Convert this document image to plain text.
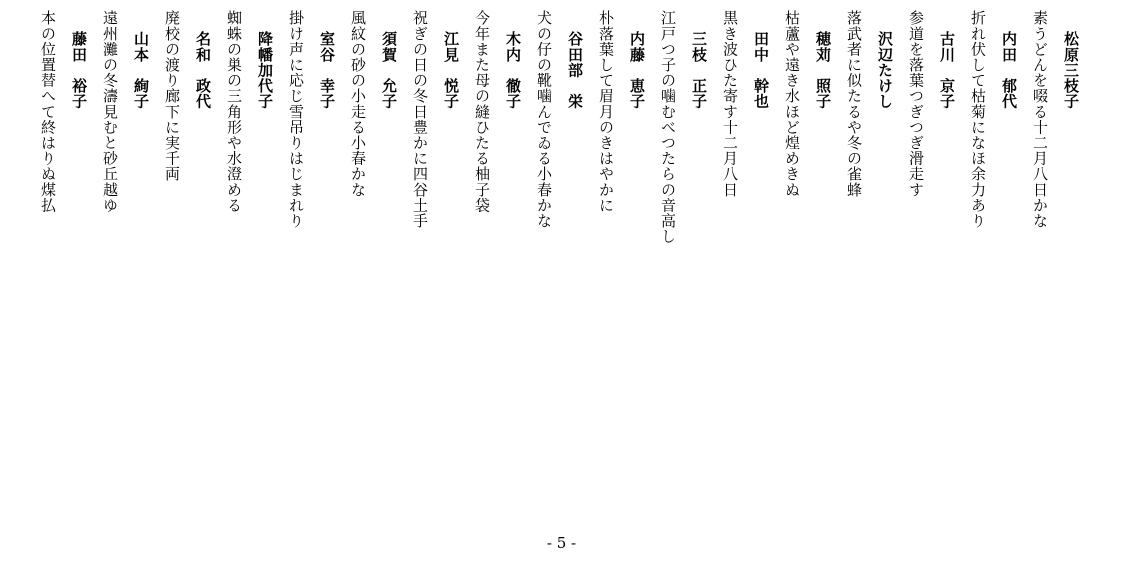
松原三枝子
素うどんを啜る十二月八日かな
内田　郁代
折れ伏して枯菊になほ余力あり
古川　京子
参道を落葉つぎつぎ滑走す
沢辺たけし
落武者に似たるや冬の雀蜂
穂苅　照子
枯蘆や遠き水ほど煌めきぬ
田中　幹也
黒き波ひた寄す十二月八日
三枝　正子
江戸つ子の噛むべつたらの音高し
内藤　恵子
朴落葉して眉月のきはやかに
谷田部　栄
犬の仔の靴噛んでゐる小春かな
木内　徹子
今年また母の縫ひたる柚子袋
江見　悦子
祝ぎの日の冬日豊かに四谷土手
須賀　允子
風紋の砂の小走る小春かな
室谷　幸子
掛け声に応じ雪吊りはじまれり
降幡加代子
蜘蛛の巣の三角形や水澄める
名和　政代
廃校の渡り廊下に実千両
山本　絢子
遠州灘の冬濤見むと砂丘越ゆ
藤田　裕子
本の位置替へて終はりぬ煤払
- 5 -
